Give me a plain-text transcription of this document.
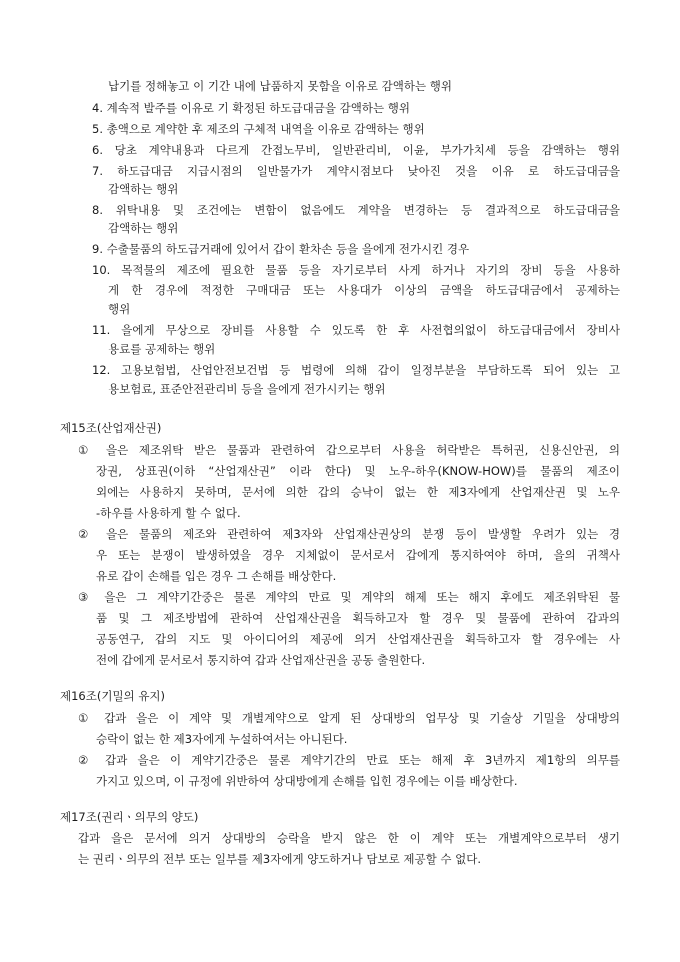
납기를 정해놓고 이 기간 내에 납품하지 못함을 이유로 감액하는 행위
4. 계속적 발주를 이유로 기 확정된 하도급대금을 감액하는 행위
5. 총액으로 계약한 후 제조의 구체적 내역을 이유로 감액하는 행위
6. 당초 계약내용과 다르게 간접노무비, 일반관리비, 이윤, 부가가치세 등을 감액하는 행위
7. 하도급대금 지급시점의 일반물가가 계약시점보다 낮아진 것을 이유 로 하도급대금을
감액하는 행위
8. 위탁내용 및 조건에는 변함이 없음에도 계약을 변경하는 등 결과적으로 하도급대금을
감액하는 행위
9. 수출물품의 하도급거래에 있어서 갑이 환차손 등을 을에게 전가시킨 경우
10. 목적물의 제조에 필요한 물품 등을 자기로부터 사게 하거나 자기의 장비 등을 사용하
게 한 경우에 적정한 구매대금 또는 사용대가 이상의 금액을 하도급대금에서 공제하는
행위
11. 을에게 무상으로 장비를 사용할 수 있도록 한 후 사전협의없이 하도급대금에서 장비사
용료를 공제하는 행위
12. 고용보험법, 산업안전보건법 등 법령에 의해 갑이 일정부분을 부담하도록 되어 있는 고
용보험료, 표준안전관리비 등을 을에게 전가시키는 행위
제15조(산업재산권)
① 을은 제조위탁 받은 물품과 관련하여 갑으로부터 사용을 허락받은 특허권, 신용신안권, 의
장권, 상표권(이하 “산업재산권” 이라 한다) 및 노우-하우(KNOW-HOW)를 물품의 제조이
외에는 사용하지 못하며, 문서에 의한 갑의 승낙이 없는 한 제3자에게 산업재산권 및 노우
-하우를 사용하게 할 수 없다.
② 을은 물품의 제조와 관련하여 제3자와 산업재산권상의 분쟁 등이 발생할 우려가 있는 경
우 또는 분쟁이 발생하였을 경우 지체없이 문서로서 갑에게 통지하여야 하며, 을의 귀책사
유로 갑이 손해를 입은 경우 그 손해를 배상한다.
③ 을은 그 계약기간중은 물론 계약의 만료 및 계약의 해제 또는 해지 후에도 제조위탁된 물
품 및 그 제조방법에 관하여 산업재산권을 획득하고자 할 경우 및 물품에 관하여 갑과의
공동연구, 갑의 지도 및 아이디어의 제공에 의거 산업재산권을 획득하고자 할 경우에는 사
전에 갑에게 문서로서 통지하여 갑과 산업재산권을 공동 출원한다.
제16조(기밀의 유지)
① 갑과 을은 이 계약 및 개별계약으로 알게 된 상대방의 업무상 및 기술상 기밀을 상대방의
승락이 없는 한 제3자에게 누설하여서는 아니된다.
② 갑과 을은 이 계약기간중은 물론 계약기간의 만료 또는 해제 후 3년까지 제1항의 의무를
가지고 있으며, 이 규정에 위반하여 상대방에게 손해를 입힌 경우에는 이를 배상한다.
제17조(권리ㆍ의무의 양도)
갑과 을은 문서에 의거 상대방의 승락을 받지 않은 한 이 계약 또는 개별계약으로부터 생기
는 권리ㆍ의무의 전부 또는 일부를 제3자에게 양도하거나 담보로 제공할 수 없다.
